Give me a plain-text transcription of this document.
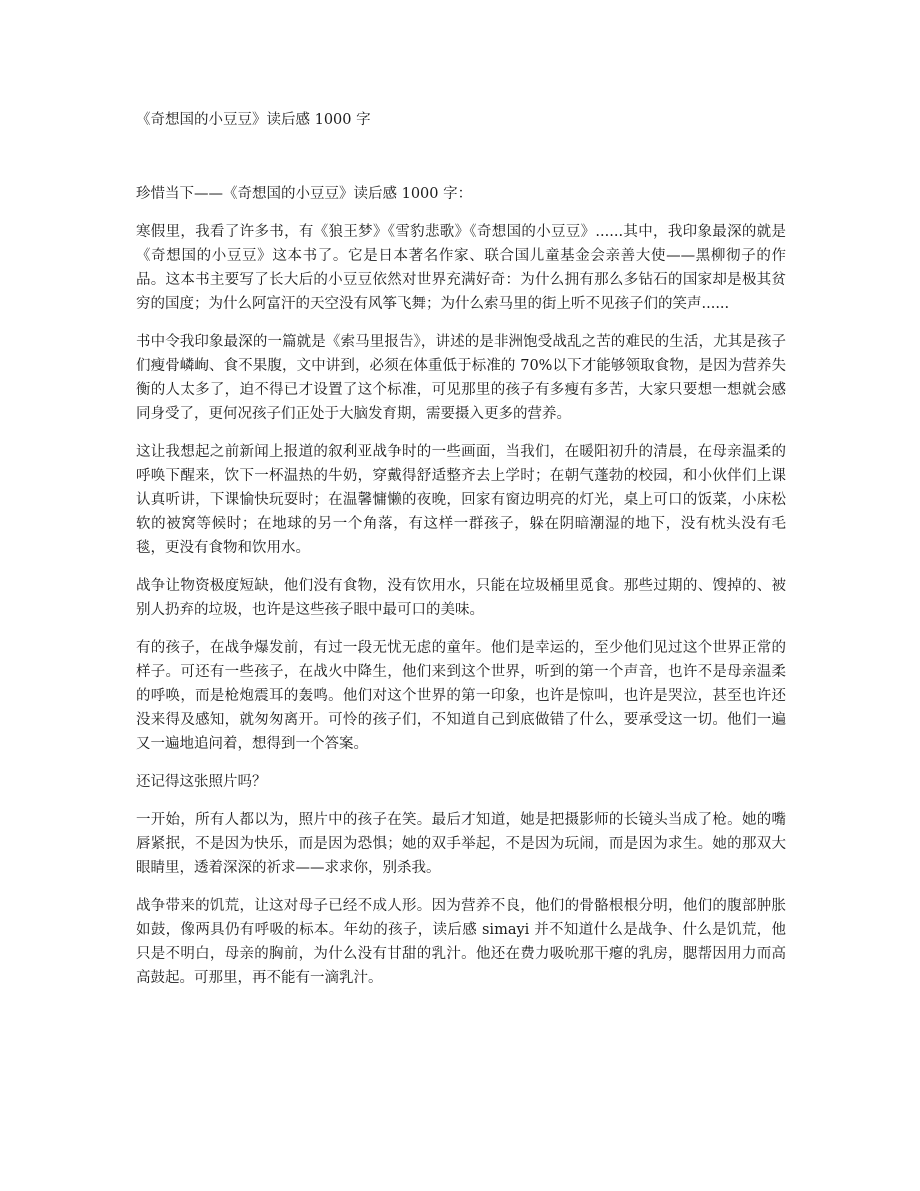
《奇想国的小豆豆》读后感 1000 字

珍惜当下——《奇想国的小豆豆》读后感 1000 字：

寒假里，我看了许多书，有《狼王梦》《雪豹悲歌》《奇想国的小豆豆》......其中，我印象最深的就是《奇想国的小豆豆》这本书了。它是日本著名作家、联合国儿童基金会亲善大使——黑柳彻子的作品。这本书主要写了长大后的小豆豆依然对世界充满好奇：为什么拥有那么多钻石的国家却是极其贫穷的国度；为什么阿富汗的天空没有风筝飞舞；为什么索马里的街上听不见孩子们的笑声......

书中令我印象最深的一篇就是《索马里报告》，讲述的是非洲饱受战乱之苦的难民的生活，尤其是孩子们瘦骨嶙峋、食不果腹，文中讲到，必须在体重低于标准的 70%以下才能够领取食物，是因为营养失衡的人太多了，迫不得已才设置了这个标准，可见那里的孩子有多瘦有多苦，大家只要想一想就会感同身受了，更何况孩子们正处于大脑发育期，需要摄入更多的营养。

这让我想起之前新闻上报道的叙利亚战争时的一些画面，当我们，在暖阳初升的清晨，在母亲温柔的呼唤下醒来，饮下一杯温热的牛奶，穿戴得舒适整齐去上学时；在朝气蓬勃的校园，和小伙伴们上课认真听讲，下课愉快玩耍时；在温馨慵懒的夜晚，回家有窗边明亮的灯光，桌上可口的饭菜，小床松软的被窝等候时；在地球的另一个角落，有这样一群孩子，躲在阴暗潮湿的地下，没有枕头没有毛毯，更没有食物和饮用水。

战争让物资极度短缺，他们没有食物，没有饮用水，只能在垃圾桶里觅食。那些过期的、馊掉的、被别人扔弃的垃圾，也许是这些孩子眼中最可口的美味。

有的孩子，在战争爆发前，有过一段无忧无虑的童年。他们是幸运的，至少他们见过这个世界正常的样子。可还有一些孩子，在战火中降生，他们来到这个世界，听到的第一个声音，也许不是母亲温柔的呼唤，而是枪炮震耳的轰鸣。他们对这个世界的第一印象，也许是惊叫，也许是哭泣，甚至也许还没来得及感知，就匆匆离开。可怜的孩子们，不知道自己到底做错了什么，要承受这一切。他们一遍又一遍地追问着，想得到一个答案。

还记得这张照片吗？

一开始，所有人都以为，照片中的孩子在笑。最后才知道，她是把摄影师的长镜头当成了枪。她的嘴唇紧抿，不是因为快乐，而是因为恐惧；她的双手举起，不是因为玩闹，而是因为求生。她的那双大眼睛里，透着深深的祈求——求求你，别杀我。

战争带来的饥荒，让这对母子已经不成人形。因为营养不良，他们的骨骼根根分明，他们的腹部肿胀如鼓，像两具仍有呼吸的标本。年幼的孩子，读后感 simayi 并不知道什么是战争、什么是饥荒，他只是不明白，母亲的胸前，为什么没有甘甜的乳汁。他还在费力吸吮那干瘪的乳房，腮帮因用力而高高鼓起。可那里，再不能有一滴乳汁。
